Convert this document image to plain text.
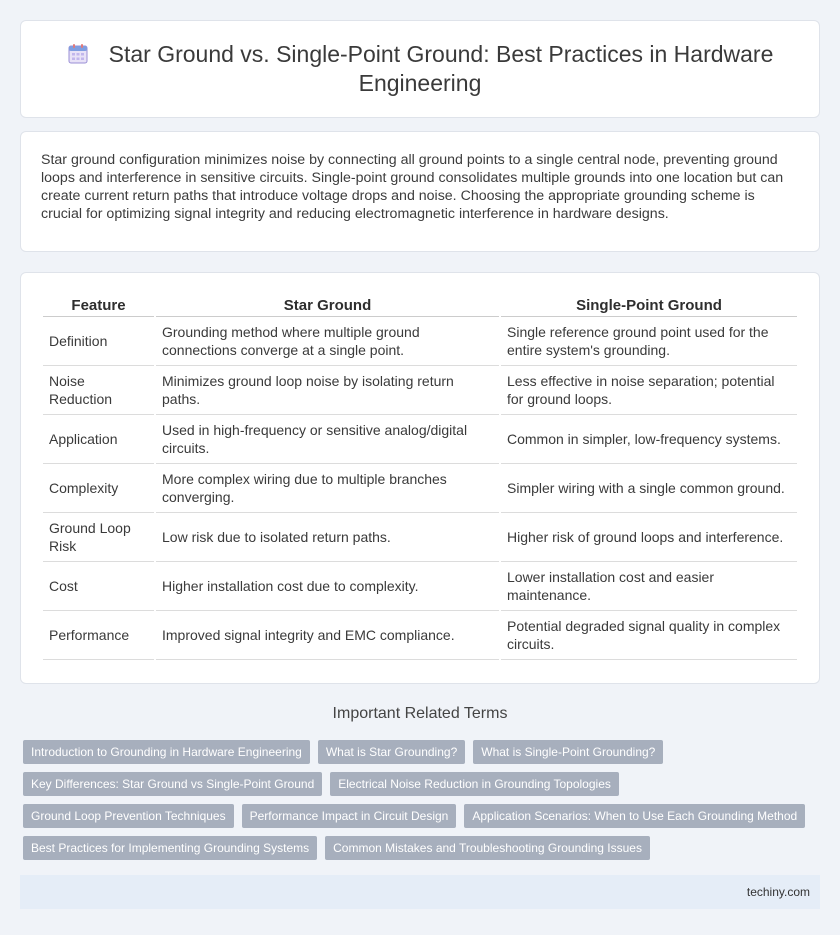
Star Ground vs. Single-Point Ground: Best Practices in Hardware Engineering

Star ground configuration minimizes noise by connecting all ground points to a single central node, preventing ground loops and interference in sensitive circuits. Single-point ground consolidates multiple grounds into one location but can create current return paths that introduce voltage drops and noise. Choosing the appropriate grounding scheme is crucial for optimizing signal integrity and reducing electromagnetic interference in hardware designs.

Feature	Star Ground	Single-Point Ground
Definition	Grounding method where multiple ground connections converge at a single point.	Single reference ground point used for the entire system's grounding.
Noise Reduction	Minimizes ground loop noise by isolating return paths.	Less effective in noise separation; potential for ground loops.
Application	Used in high-frequency or sensitive analog/digital circuits.	Common in simpler, low-frequency systems.
Complexity	More complex wiring due to multiple branches converging.	Simpler wiring with a single common ground.
Ground Loop Risk	Low risk due to isolated return paths.	Higher risk of ground loops and interference.
Cost	Higher installation cost due to complexity.	Lower installation cost and easier maintenance.
Performance	Improved signal integrity and EMC compliance.	Potential degraded signal quality in complex circuits.
Important Related Terms
Introduction to Grounding in Hardware Engineering	What is Star Grounding?	What is Single-Point Grounding?
Key Differences: Star Ground vs Single-Point Ground	Electrical Noise Reduction in Grounding Topologies
Ground Loop Prevention Techniques	Performance Impact in Circuit Design	Application Scenarios: When to Use Each Grounding Method
Best Practices for Implementing Grounding Systems	Common Mistakes and Troubleshooting Grounding Issues
techiny.com
